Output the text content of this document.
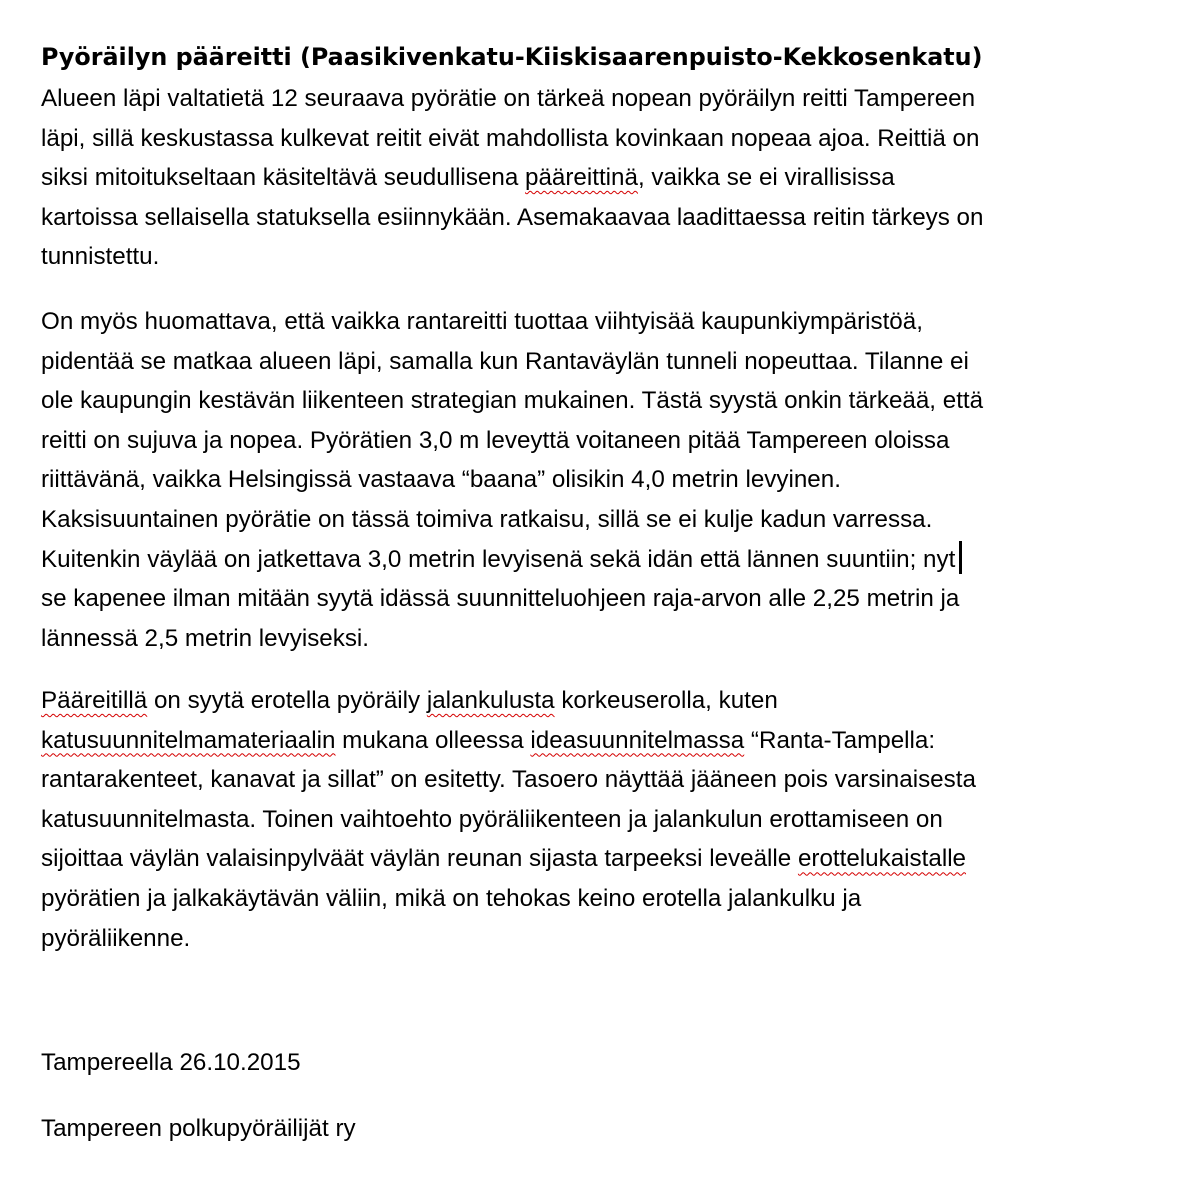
Pyöräilyn pääreitti (Paasikivenkatu-Kiiskisaarenpuisto-Kekkosenkatu)

Alueen läpi valtatietä 12 seuraava pyörätie on tärkeä nopean pyöräilyn reitti Tampereen
läpi, sillä keskustassa kulkevat reitit eivät mahdollista kovinkaan nopeaa ajoa. Reittiä on
siksi mitoitukseltaan käsiteltävä seudullisena pääreittinä, vaikka se ei virallisissa
kartoissa sellaisella statuksella esiinnykään. Asemakaavaa laadittaessa reitin tärkeys on
tunnistettu.

On myös huomattava, että vaikka rantareitti tuottaa viihtyisää kaupunkiympäristöä,
pidentää se matkaa alueen läpi, samalla kun Rantaväylän tunneli nopeuttaa. Tilanne ei
ole kaupungin kestävän liikenteen strategian mukainen. Tästä syystä onkin tärkeää, että
reitti on sujuva ja nopea. Pyörätien 3,0 m leveyttä voitaneen pitää Tampereen oloissa
riittävänä, vaikka Helsingissä vastaava “baana” olisikin 4,0 metrin levyinen.
Kaksisuuntainen pyörätie on tässä toimiva ratkaisu, sillä se ei kulje kadun varressa.
Kuitenkin väylää on jatkettava 3,0 metrin levyisenä sekä idän että lännen suuntiin; nyt
se kapenee ilman mitään syytä idässä suunnitteluohjeen raja-arvon alle 2,25 metrin ja
lännessä 2,5 metrin levyiseksi.

Pääreitillä on syytä erotella pyöräily jalankulusta korkeuserolla, kuten
katusuunnitelmamateriaalin mukana olleessa ideasuunnitelmassa “Ranta-Tampella:
rantarakenteet, kanavat ja sillat” on esitetty. Tasoero näyttää jääneen pois varsinaisesta
katusuunnitelmasta. Toinen vaihtoehto pyöräliikenteen ja jalankulun erottamiseen on
sijoittaa väylän valaisinpylväät väylän reunan sijasta tarpeeksi leveälle erottelukaistalle
pyörätien ja jalkakäytävän väliin, mikä on tehokas keino erotella jalankulku ja
pyöräliikenne.

Tampereella 26.10.2015

Tampereen polkupyöräilijät ry
